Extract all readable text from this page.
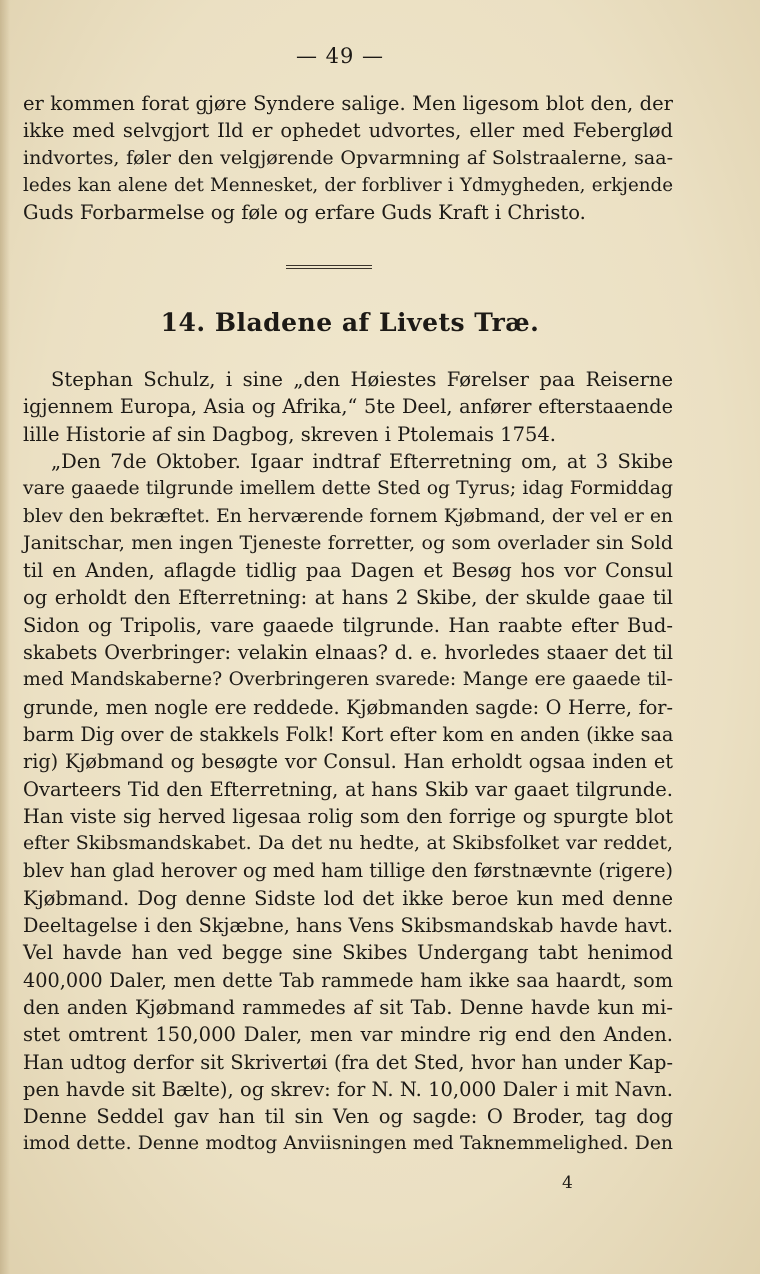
— 49 —
er kommen forat gjøre Syndere salige. Men ligesom blot den, der
ikke med selvgjort Ild er ophedet udvortes, eller med Feberglød
indvortes, føler den velgjørende Opvarmning af Solstraalerne, saa-
ledes kan alene det Mennesket, der forbliver i Ydmygheden, erkjende
Guds Forbarmelse og føle og erfare Guds Kraft i Christo.
14. Bladene af Livets Træ.
Stephan Schulz, i sine „den Høiestes Førelser paa Reiserne
igjennem Europa, Asia og Afrika,“ 5te Deel, anfører efterstaaende
lille Historie af sin Dagbog, skreven i Ptolemais 1754.
„Den 7de Oktober. Igaar indtraf Efterretning om, at 3 Skibe
vare gaaede tilgrunde imellem dette Sted og Tyrus; idag Formiddag
blev den bekræftet. En herværende fornem Kjøbmand, der vel er en
Janitschar, men ingen Tjeneste forretter, og som overlader sin Sold
til en Anden, aflagde tidlig paa Dagen et Besøg hos vor Consul
og erholdt den Efterretning: at hans 2 Skibe, der skulde gaae til
Sidon og Tripolis, vare gaaede tilgrunde. Han raabte efter Bud-
skabets Overbringer: velakin elnaas? d. e. hvorledes staaer det til
med Mandskaberne? Overbringeren svarede: Mange ere gaaede til-
grunde, men nogle ere reddede. Kjøbmanden sagde: O Herre, for-
barm Dig over de stakkels Folk! Kort efter kom en anden (ikke saa
rig) Kjøbmand og besøgte vor Consul. Han erholdt ogsaa inden et
Ovarteers Tid den Efterretning, at hans Skib var gaaet tilgrunde.
Han viste sig herved ligesaa rolig som den forrige og spurgte blot
efter Skibsmandskabet. Da det nu hedte, at Skibsfolket var reddet,
blev han glad herover og med ham tillige den førstnævnte (rigere)
Kjøbmand. Dog denne Sidste lod det ikke beroe kun med denne
Deeltagelse i den Skjæbne, hans Vens Skibsmandskab havde havt.
Vel havde han ved begge sine Skibes Undergang tabt henimod
400,000 Daler, men dette Tab rammede ham ikke saa haardt, som
den anden Kjøbmand rammedes af sit Tab. Denne havde kun mi-
stet omtrent 150,000 Daler, men var mindre rig end den Anden.
Han udtog derfor sit Skrivertøi (fra det Sted, hvor han under Kap-
pen havde sit Bælte), og skrev: for N. N. 10,000 Daler i mit Navn.
Denne Seddel gav han til sin Ven og sagde: O Broder, tag dog
imod dette. Denne modtog Anviisningen med Taknemmelighed. Den
4
